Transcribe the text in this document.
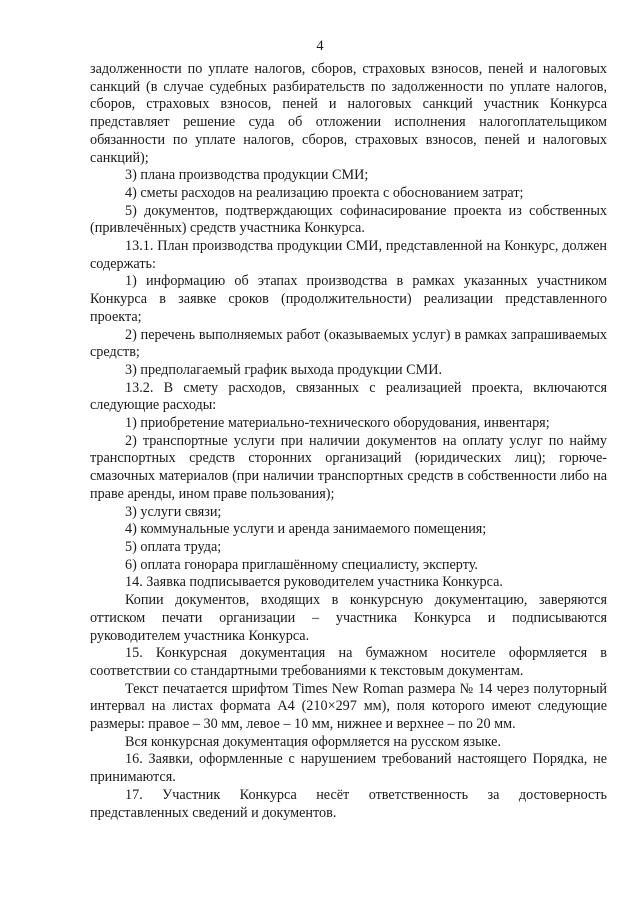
4

задолженности по уплате налогов, сборов, страховых взносов, пеней и налоговых санкций (в случае судебных разбирательств по задолженности по уплате налогов, сборов, страховых взносов, пеней и налоговых санкций участник Конкурса представляет решение суда об отложении исполнения налогоплательщиком обязанности по уплате налогов, сборов, страховых взносов, пеней и налоговых санкций);

3) плана производства продукции СМИ;

4) сметы расходов на реализацию проекта с обоснованием затрат;

5) документов, подтверждающих софинасирование проекта из собственных (привлечённых) средств участника Конкурса.

13.1. План производства продукции СМИ, представленной на Конкурс, должен содержать:

1) информацию об этапах производства в рамках указанных участником Конкурса в заявке сроков (продолжительности) реализации представленного проекта;

2) перечень выполняемых работ (оказываемых услуг) в рамках запрашиваемых средств;

3) предполагаемый график выхода продукции СМИ.

13.2. В смету расходов, связанных с реализацией проекта, включаются следующие расходы:

1) приобретение материально-технического оборудования, инвентаря;

2) транспортные услуги при наличии документов на оплату услуг по найму транспортных средств сторонних организаций (юридических лиц); горюче-смазочных материалов (при наличии транспортных средств в собственности либо на праве аренды, ином праве пользования);

3) услуги связи;

4) коммунальные услуги и аренда занимаемого помещения;

5) оплата труда;

6) оплата гонорара приглашённому специалисту, эксперту.

14. Заявка подписывается руководителем участника Конкурса.

Копии документов, входящих в конкурсную документацию, заверяются оттиском печати организации – участника Конкурса и подписываются руководителем участника Конкурса.

15. Конкурсная документация на бумажном носителе оформляется в соответствии со стандартными требованиями к текстовым документам.

Текст печатается шрифтом Times New Roman размера № 14 через полуторный интервал на листах формата А4 (210×297 мм), поля которого имеют следующие размеры: правое – 30 мм, левое – 10 мм, нижнее и верхнее – по 20 мм.

Вся конкурсная документация оформляется на русском языке.

16. Заявки, оформленные с нарушением требований настоящего Порядка, не принимаются.

17. Участник Конкурса несёт ответственность за достоверность представленных сведений и документов.
